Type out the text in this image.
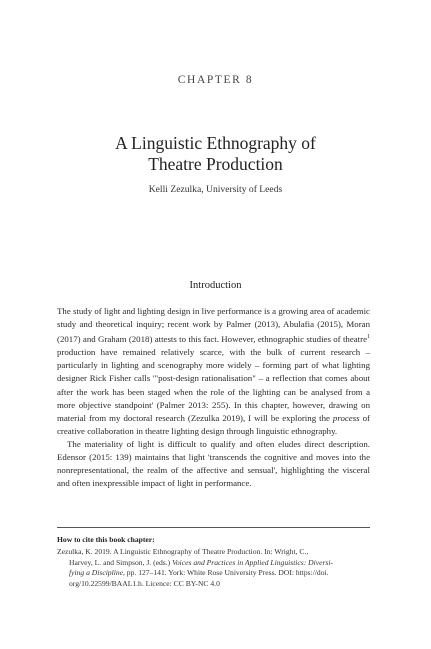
CHAPTER 8
A Linguistic Ethnography of
Theatre Production
Kelli Zezulka, University of Leeds
Introduction

The study of light and lighting design in live performance is a growing area of academic study and theoretical inquiry; recent work by Palmer (2013), Abulafia (2015), Moran (2017) and Graham (2018) attests to this fact. However, ethnographic studies of theatre$^1$ production have remained relatively scarce, with the bulk of current research – particularly in lighting and scenography more widely – forming part of what lighting designer Rick Fisher calls '"post-design rationalisation" – a reflection that comes about after the work has been staged when the role of the lighting can be analysed from a more objective standpoint' (Palmer 2013: 255). In this chapter, however, drawing on material from my doctoral research (Zezulka 2019), I will be exploring the process of creative collaboration in theatre lighting design through linguistic ethnography.

The materiality of light is difficult to qualify and often eludes direct description. Edensor (2015: 139) maintains that light 'transcends the cognitive and moves into the nonrepresentational, the realm of the affective and sensual', highlighting the visceral and often inexpressible impact of light in performance.

How to cite this book chapter:
Zezulka, K. 2019. A Linguistic Ethnography of Theatre Production. In: Wright, C.,
Harvey, L. and Simpson, J. (eds.) Voices and Practices in Applied Linguistics: Diversi-
fying a Discipline, pp. 127–141. York: White Rose University Press. DOI: https://doi.
org/10.22599/BAAL1.h. Licence: CC BY-NC 4.0
